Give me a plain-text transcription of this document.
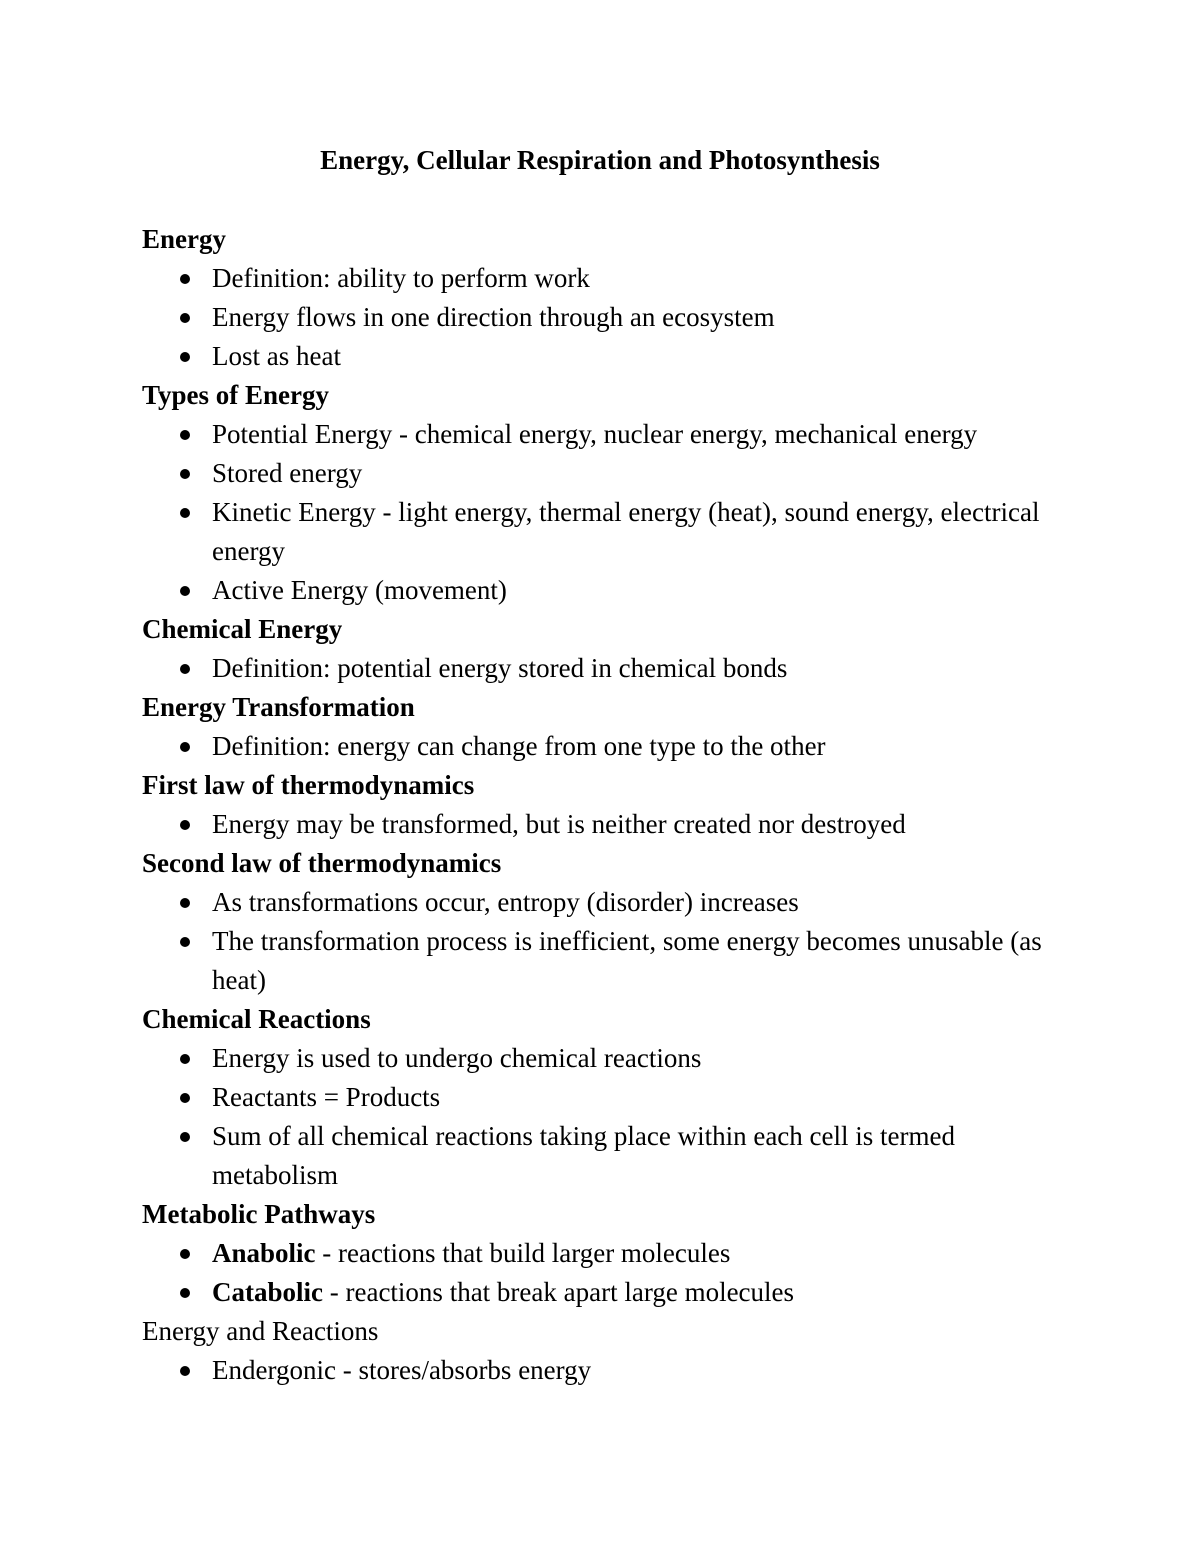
Energy, Cellular Respiration and Photosynthesis
Energy
Definition: ability to perform work
Energy flows in one direction through an ecosystem
Lost as heat
Types of Energy
Potential Energy - chemical energy, nuclear energy, mechanical energy
Stored energy
Kinetic Energy - light energy, thermal energy (heat), sound energy, electrical energy
Active Energy (movement)
Chemical Energy
Definition: potential energy stored in chemical bonds
Energy Transformation
Definition: energy can change from one type to the other
First law of thermodynamics
Energy may be transformed, but is neither created nor destroyed
Second law of thermodynamics
As transformations occur, entropy (disorder) increases
The transformation process is inefficient, some energy becomes unusable (as heat)
Chemical Reactions
Energy is used to undergo chemical reactions
Reactants = Products
Sum of all chemical reactions taking place within each cell is termed metabolism
Metabolic Pathways
Anabolic - reactions that build larger molecules
Catabolic - reactions that break apart large molecules
Energy and Reactions
Endergonic - stores/absorbs energy
